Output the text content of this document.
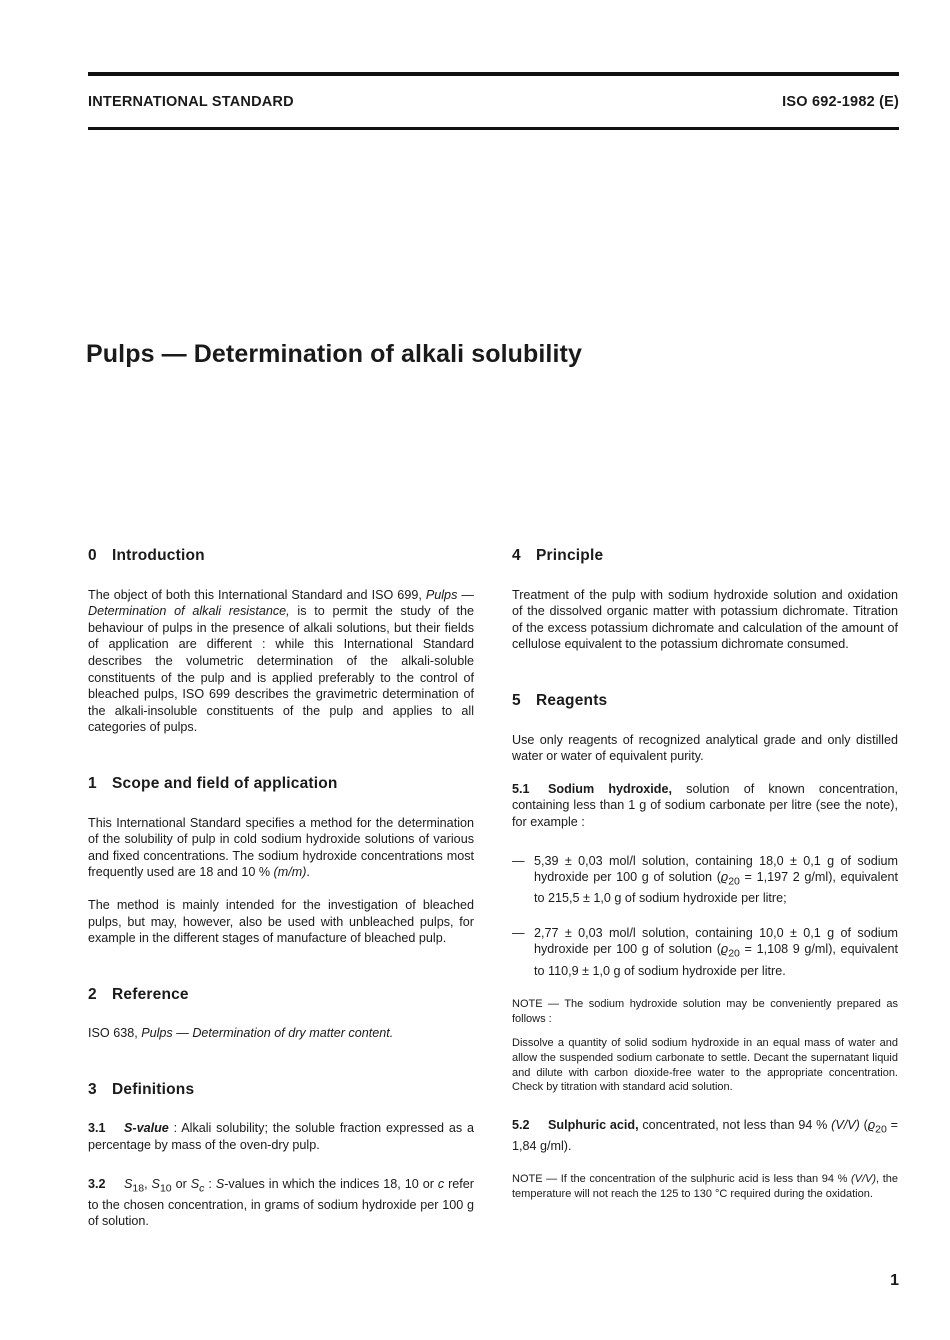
INTERNATIONAL STANDARD	ISO 692-1982 (E)
Pulps — Determination of alkali solubility
0 Introduction

The object of both this International Standard and ISO 699, Pulps — Determination of alkali resistance, is to permit the study of the behaviour of pulps in the presence of alkali solutions, but their fields of application are different : while this International Standard describes the volumetric determination of the alkali-soluble constituents of the pulp and is applied preferably to the control of bleached pulps, ISO 699 describes the gravimetric determination of the alkali-insoluble constituents of the pulp and applies to all categories of pulps.

1 Scope and field of application

This International Standard specifies a method for the determination of the solubility of pulp in cold sodium hydroxide solutions of various and fixed concentrations. The sodium hydroxide concentrations most frequently used are 18 and 10 % (m/m).

The method is mainly intended for the investigation of bleached pulps, but may, however, also be used with unbleached pulps, for example in the different stages of manufacture of bleached pulp.

2 Reference

ISO 638, Pulps — Determination of dry matter content.

3 Definitions

3.1 S-value : Alkali solubility; the soluble fraction expressed as a percentage by mass of the oven-dry pulp.

3.2 $S_{18}$, $S_{10}$ or $S_c$ : S-values in which the indices 18, 10 or c refer to the chosen concentration, in grams of sodium hydroxide per 100 g of solution.

4 Principle

Treatment of the pulp with sodium hydroxide solution and oxidation of the dissolved organic matter with potassium dichromate. Titration of the excess potassium dichromate and calculation of the amount of cellulose equivalent to the potassium dichromate consumed.

5 Reagents

Use only reagents of recognized analytical grade and only distilled water or water of equivalent purity.

5.1 Sodium hydroxide, solution of known concentration, containing less than 1 g of sodium carbonate per litre (see the note), for example :

— 5,39 ± 0,03 mol/l solution, containing 18,0 ± 0,1 g of sodium hydroxide per 100 g of solution ($ϱ_{20} = 1,197$ 2 g/ml), equivalent to 215,5 ± 1,0 g of sodium hydroxide per litre;

— 2,77 ± 0,03 mol/l solution, containing 10,0 ± 0,1 g of sodium hydroxide per 100 g of solution ($ϱ_{20} = 1,108$ 9 g/ml), equivalent to 110,9 ± 1,0 g of sodium hydroxide per litre.

NOTE — The sodium hydroxide solution may be conveniently prepared as follows :

Dissolve a quantity of solid sodium hydroxide in an equal mass of water and allow the suspended sodium carbonate to settle. Decant the supernatant liquid and dilute with carbon dioxide-free water to the appropriate concentration. Check by titration with standard acid solution.

5.2 Sulphuric acid, concentrated, not less than 94 % (V/V) ($ϱ_{20} = 1,84$ g/ml).

NOTE — If the concentration of the sulphuric acid is less than 94 % (V/V), the temperature will not reach the 125 to 130 °C required during the oxidation.

1
